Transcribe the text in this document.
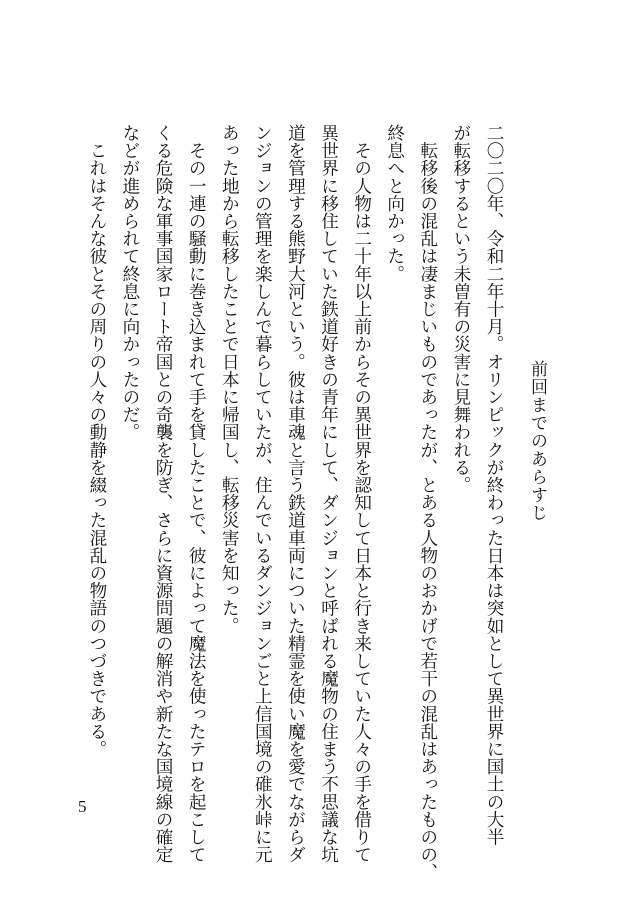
前回までのあらすじ

二〇二〇年、令和二年十月。オリンピックが終わった日本は突如として異世界に国土の大半

が転移するという未曽有の災害に見舞われる。

　転移後の混乱は凄まじいものであったが、とある人物のおかげで若干の混乱はあったものの、

終息へと向かった。

　その人物は二十年以上前からその異世界を認知して日本と行き来していた人々の手を借りて

異世界に移住していた鉄道好きの青年にして、ダンジョンと呼ばれる魔物の住まう不思議な坑

道を管理する熊野大河という。彼は車魂と言う鉄道車両についた精霊を使い魔を愛でながらダ

ンジョンの管理を楽しんで暮らしていたが、住んでいるダンジョンごと上信国境の碓氷峠に元

あった地から転移したことで日本に帰国し、転移災害を知った。

　その一連の騒動に巻き込まれて手を貸したことで、彼によって魔法を使ったテロを起こして

くる危険な軍事国家ロート帝国との奇襲を防ぎ、さらに資源問題の解消や新たな国境線の確定

などが進められて終息に向かったのだ。

　これはそんな彼とその周りの人々の動静を綴った混乱の物語のつづきである。

5
